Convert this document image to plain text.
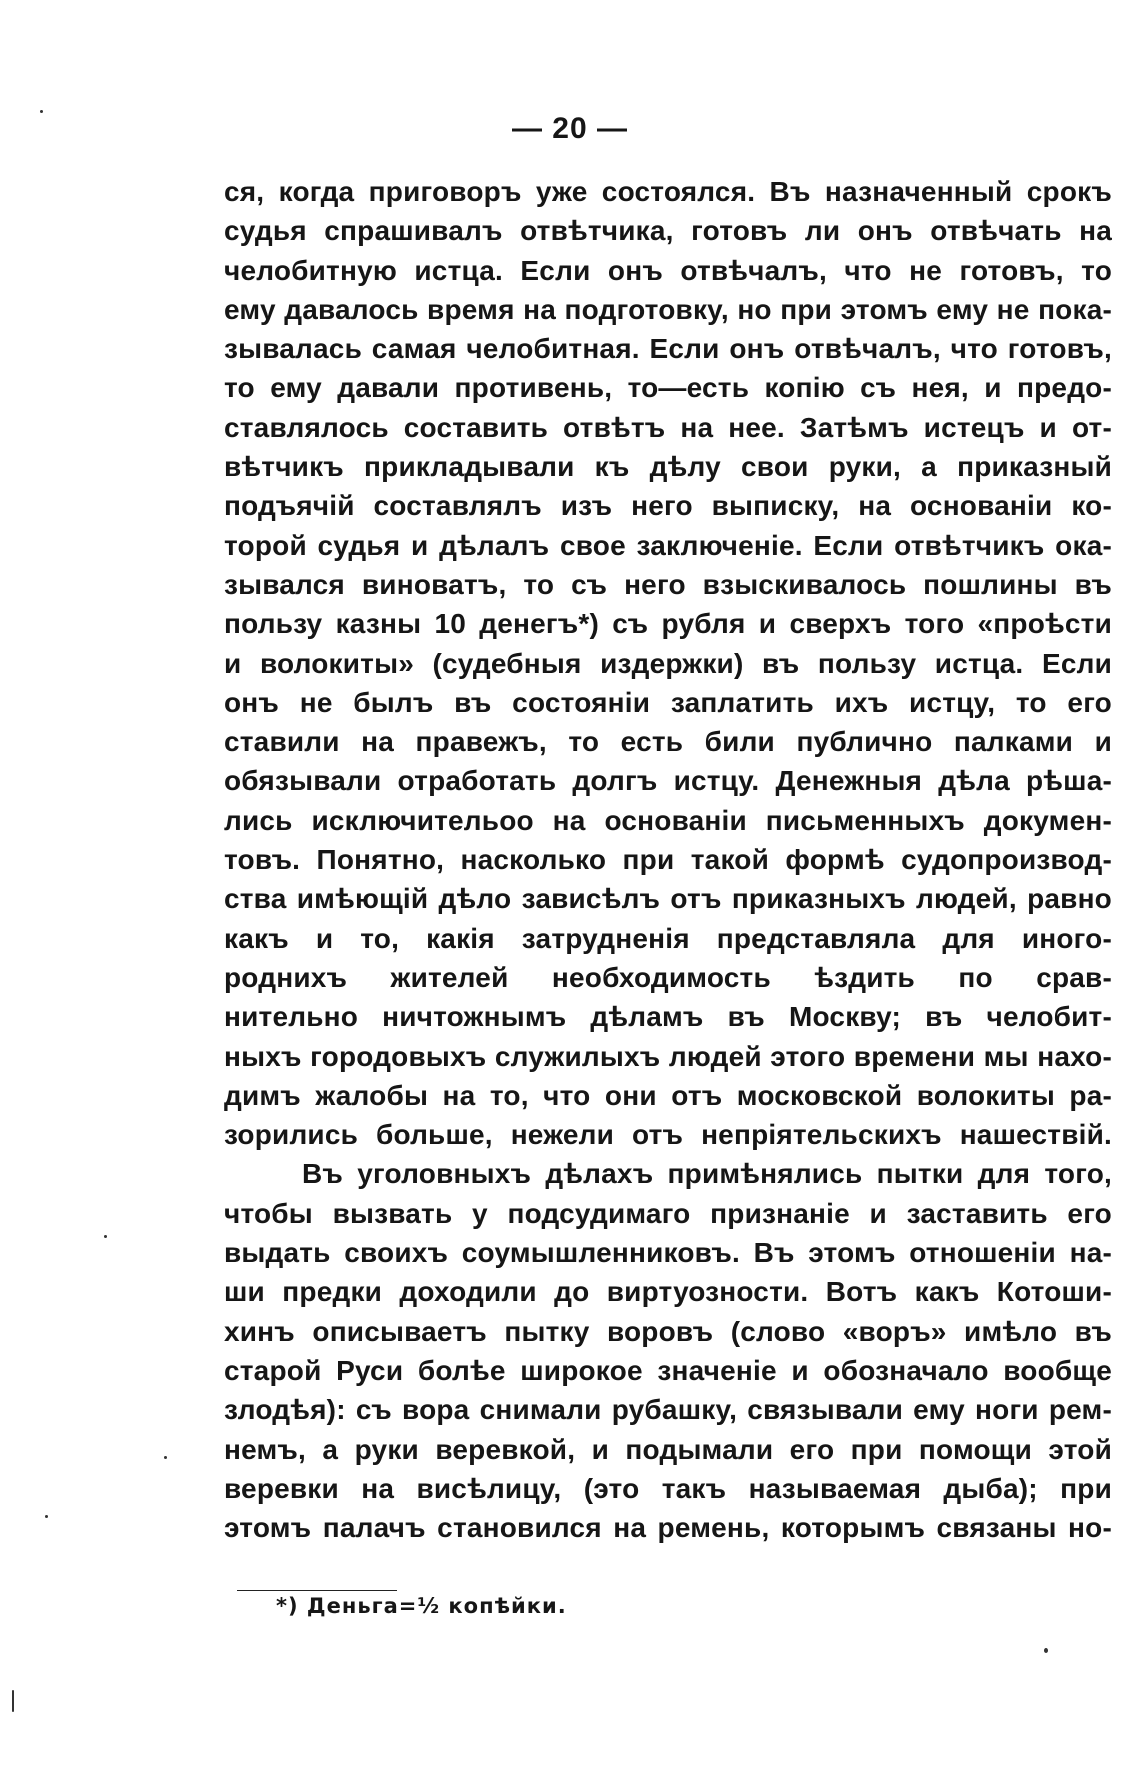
— 20 —
ся, когда приговоръ уже состоялся. Въ назначенный срокъ
судья спрашивалъ отвѣтчика, готовъ ли онъ отвѣчать на
челобитную истца. Если онъ отвѣчалъ, что не готовъ, то
ему давалось время на подготовку, но при этомъ ему не пока-
зывалась самая челобитная. Если онъ отвѣчалъ, что готовъ,
то ему давали противень, то—есть копію съ нея, и предо-
ставлялось составить отвѣтъ на нее. Затѣмъ истецъ и от-
вѣтчикъ прикладывали къ дѣлу свои руки, а приказный
подъячій составлялъ изъ него выписку, на основаніи ко-
торой судья и дѣлалъ свое заключеніе. Если отвѣтчикъ ока-
зывался виноватъ, то съ него взыскивалось пошлины въ
пользу казны 10 денегъ*) съ рубля и сверхъ того «проѣсти
и волокиты» (судебныя издержки) въ пользу истца. Если
онъ не былъ въ состояніи заплатить ихъ истцу, то его
ставили на правежъ, то есть били публично палками и
обязывали отработать долгъ истцу. Денежныя дѣла рѣша-
лись исключительоо на основаніи письменныхъ докумен-
товъ. Понятно, насколько при такой формѣ судопроизвод-
ства имѣющій дѣло зависѣлъ отъ приказныхъ людей, равно
какъ и то, какія затрудненія представляла для иного-
роднихъ жителей необходимость ѣздить по срав-
нительно ничтожнымъ дѣламъ въ Москву; въ челобит-
ныхъ городовыхъ служилыхъ людей этого времени мы нахо-
димъ жалобы на то, что они отъ московской волокиты ра-
зорились больше, нежели отъ непріятельскихъ нашествій.
Въ уголовныхъ дѣлахъ примѣнялись пытки для того,
чтобы вызвать у подсудимаго признаніе и заставить его
выдать своихъ соумышленниковъ. Въ этомъ отношеніи на-
ши предки доходили до виртуозности. Вотъ какъ Котоши-
хинъ описываетъ пытку воровъ (слово «воръ» имѣло въ
старой Руси болѣе широкое значеніе и обозначало вообще
злодѣя): съ вора снимали рубашку, связывали ему ноги рем-
немъ, а руки веревкой, и подымали его при помощи этой
веревки на висѣлицу, (это такъ называемая дыба); при
этомъ палачъ становился на ремень, которымъ связаны но-
*) Деньга=½ копѣйки.
